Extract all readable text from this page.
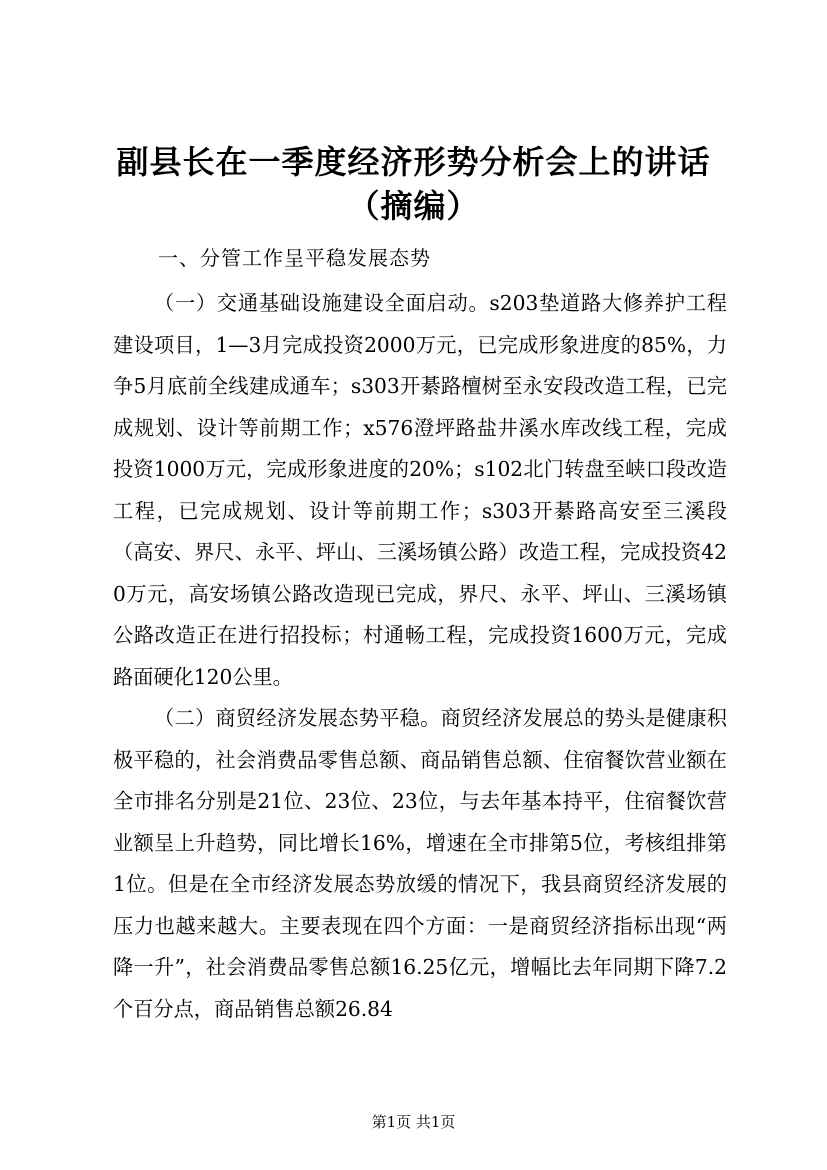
副县长在一季度经济形势分析会上的讲话（摘编）

一、分管工作呈平稳发展态势

（一）交通基础设施建设全面启动。s203垫道路大修养护工程建设项目，1—3月完成投资2000万元，已完成形象进度的85%，力争5月底前全线建成通车；s303开綦路檀树至永安段改造工程，已完成规划、设计等前期工作；x576澄坪路盐井溪水库改线工程，完成投资1000万元，完成形象进度的20%；s102北门转盘至峡口段改造工程，已完成规划、设计等前期工作；s303开綦路高安至三溪段（高安、界尺、永平、坪山、三溪场镇公路）改造工程，完成投资420万元，高安场镇公路改造现已完成，界尺、永平、坪山、三溪场镇公路改造正在进行招投标；村通畅工程，完成投资1600万元，完成路面硬化120公里。

（二）商贸经济发展态势平稳。商贸经济发展总的势头是健康积极平稳的，社会消费品零售总额、商品销售总额、住宿餐饮营业额在全市排名分别是21位、23位、23位，与去年基本持平，住宿餐饮营业额呈上升趋势，同比增长16%，增速在全市排第5位，考核组排第1位。但是在全市经济发展态势放缓的情况下，我县商贸经济发展的压力也越来越大。主要表现在四个方面：一是商贸经济指标出现“两降一升”，社会消费品零售总额16.25亿元，增幅比去年同期下降7.2个百分点，商品销售总额26.84

第1页 共1页
